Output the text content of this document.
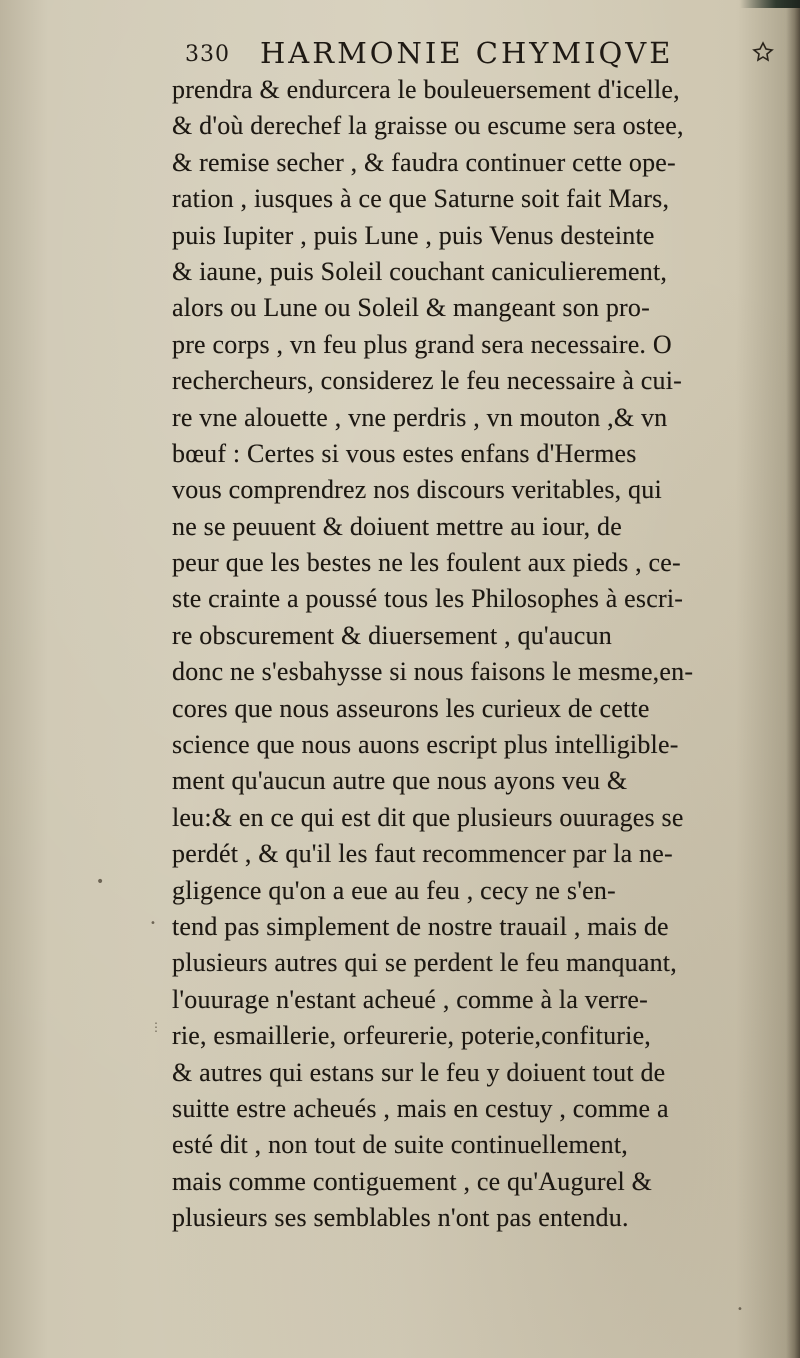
330 HARMONIE CHYMIQVE
prendra & endurcera le bouleuersement d'icelle,
& d'où derechef la graisse ou escume sera ostee,
& remise secher , & faudra continuer cette ope-
ration , iusques à ce que Saturne soit fait Mars,
puis Iupiter , puis Lune , puis Venus desteinte
& iaune, puis Soleil couchant caniculierement,
alors ou Lune ou Soleil & mangeant son pro-
pre corps , vn feu plus grand sera necessaire. O
rechercheurs, considerez le feu necessaire à cui-
re vne alouette , vne perdris , vn mouton ,& vn
bœuf : Certes si vous estes enfans d'Hermes
vous comprendrez nos discours veritables, qui
ne se peuuent & doiuent mettre au iour, de
peur que les bestes ne les foulent aux pieds , ce-
ste crainte a poussé tous les Philosophes à escri-
re obscurement & diuersement , qu'aucun
donc ne s'esbahysse si nous faisons le mesme,en-
cores que nous asseurons les curieux de cette
science que nous auons escript plus intelligible-
ment qu'aucun autre que nous ayons veu &
leu:& en ce qui est dit que plusieurs ouurages se
perdét , & qu'il les faut recommencer par la ne-
gligence qu'on a eue au feu , cecy ne s'en-
tend pas simplement de nostre trauail , mais de
plusieurs autres qui se perdent le feu manquant,
l'ouurage n'estant acheué , comme à la verre-
rie, esmaillerie, orfeurerie, poterie,confiturie,
& autres qui estans sur le feu y doiuent tout de
suitte estre acheués , mais en cestuy , comme a
esté dit , non tout de suite continuellement,
mais comme contiguement , ce qu'Augurel &
plusieurs ses semblables n'ont pas entendu.
•
•
⋮
•
